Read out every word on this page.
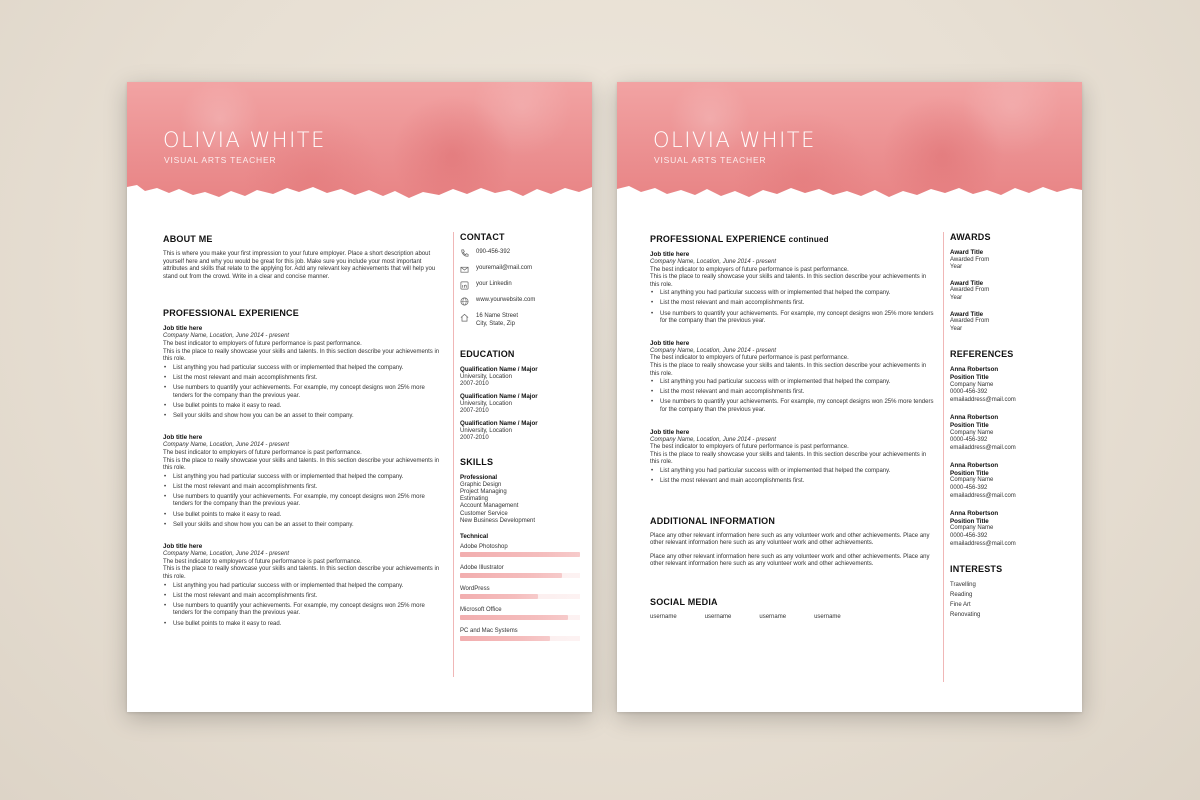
OLIVIA WHITE
VISUAL ARTS TEACHER
ABOUT ME
This is where you make your first impression to your future employer. Place a short description about yourself here and why you would be great for this job. Make sure you include your most important attributes and skills that relate to the applying for. Add any relevant key achievements that will help you stand out from the crowd. Write in a clear and concise manner.
PROFESSIONAL EXPERIENCE
Job title here
Company Name, Location, June 2014 - present
The best indicator to employers of future performance is past performance.
This is the place to really showcase your skills and talents. In this section describe your achievements in this role.
• List anything you had particular success with or implemented that helped the company.
• List the most relevant and main accomplishments first.
• Use numbers to quantify your achievements. For example, my concept designs won 25% more tenders for the company than the previous year.
• Use bullet points to make it easy to read.
• Sell your skills and show how you can be an asset to their company.
Job title here
Company Name, Location, June 2014 - present
The best indicator to employers of future performance is past performance.
This is the place to really showcase your skills and talents. In this section describe your achievements in this role.
• List anything you had particular success with or implemented that helped the company.
• List the most relevant and main accomplishments first.
• Use numbers to quantify your achievements. For example, my concept designs won 25% more tenders for the company than the previous year.
• Use bullet points to make it easy to read.
• Sell your skills and show how you can be an asset to their company.
Job title here
Company Name, Location, June 2014 - present
The best indicator to employers of future performance is past performance.
This is the place to really showcase your skills and talents. In this section describe your achievements in this role.
• List anything you had particular success with or implemented that helped the company.
• List the most relevant and main accomplishments first.
• Use numbers to quantify your achievements. For example, my concept designs won 25% more tenders for the company than the previous year.
• Use bullet points to make it easy to read.
CONTACT
090-456-392
youremail@mail.com
your Linkedin
www.yourwebsite.com
16 Name Street
City, State, Zip
EDUCATION
Qualification Name / Major
University, Location
2007-2010
Qualification Name / Major
University, Location
2007-2010
Qualification Name / Major
University, Location
2007-2010
SKILLS
Professional
Graphic Design
Project Managing
Estimating
Account Management
Customer Service
New Business Development
Technical
Adobe Photoshop
Adobe Illustrator
WordPress
Microsoft Office
PC and Mac Systems
OLIVIA WHITE
VISUAL ARTS TEACHER
PROFESSIONAL EXPERIENCE continued
Job title here
Company Name, Location, June 2014 - present
The best indicator to employers of future performance is past performance.
This is the place to really showcase your skills and talents. In this section describe your achievements in this role.
• List anything you had particular success with or implemented that helped the company.
• List the most relevant and main accomplishments first.
• Use numbers to quantify your achievements. For example, my concept designs won 25% more tenders for the company than the previous year.
Job title here
Company Name, Location, June 2014 - present
The best indicator to employers of future performance is past performance.
This is the place to really showcase your skills and talents. In this section describe your achievements in this role.
• List anything you had particular success with or implemented that helped the company.
• List the most relevant and main accomplishments first.
• Use numbers to quantify your achievements. For example, my concept designs won 25% more tenders for the company than the previous year.
Job title here
Company Name, Location, June 2014 - present
The best indicator to employers of future performance is past performance.
This is the place to really showcase your skills and talents. In this section describe your achievements in this role.
• List anything you had particular success with or implemented that helped the company.
• List the most relevant and main accomplishments first.
ADDITIONAL INFORMATION
Place any other relevant information here such as any volunteer work and other achievements. Place any other relevant information here such as any volunteer work and other achievements.
Place any other relevant information here such as any volunteer work and other achievements. Place any other relevant information here such as any volunteer work and other achievements.
SOCIAL MEDIA
username	username	username	username
AWARDS
Award Title
Awarded From
Year
Award Title
Awarded From
Year
Award Title
Awarded From
Year
REFERENCES
Anna Robertson
Position Title
Company Name
0000-456-392
emailaddress@mail.com
Anna Robertson
Position Title
Company Name
0000-456-392
emailaddress@mail.com
Anna Robertson
Position Title
Company Name
0000-456-392
emailaddress@mail.com
Anna Robertson
Position Title
Company Name
0000-456-392
emailaddress@mail.com
INTERESTS
Travelling
Reading
Fine Art
Renovating
